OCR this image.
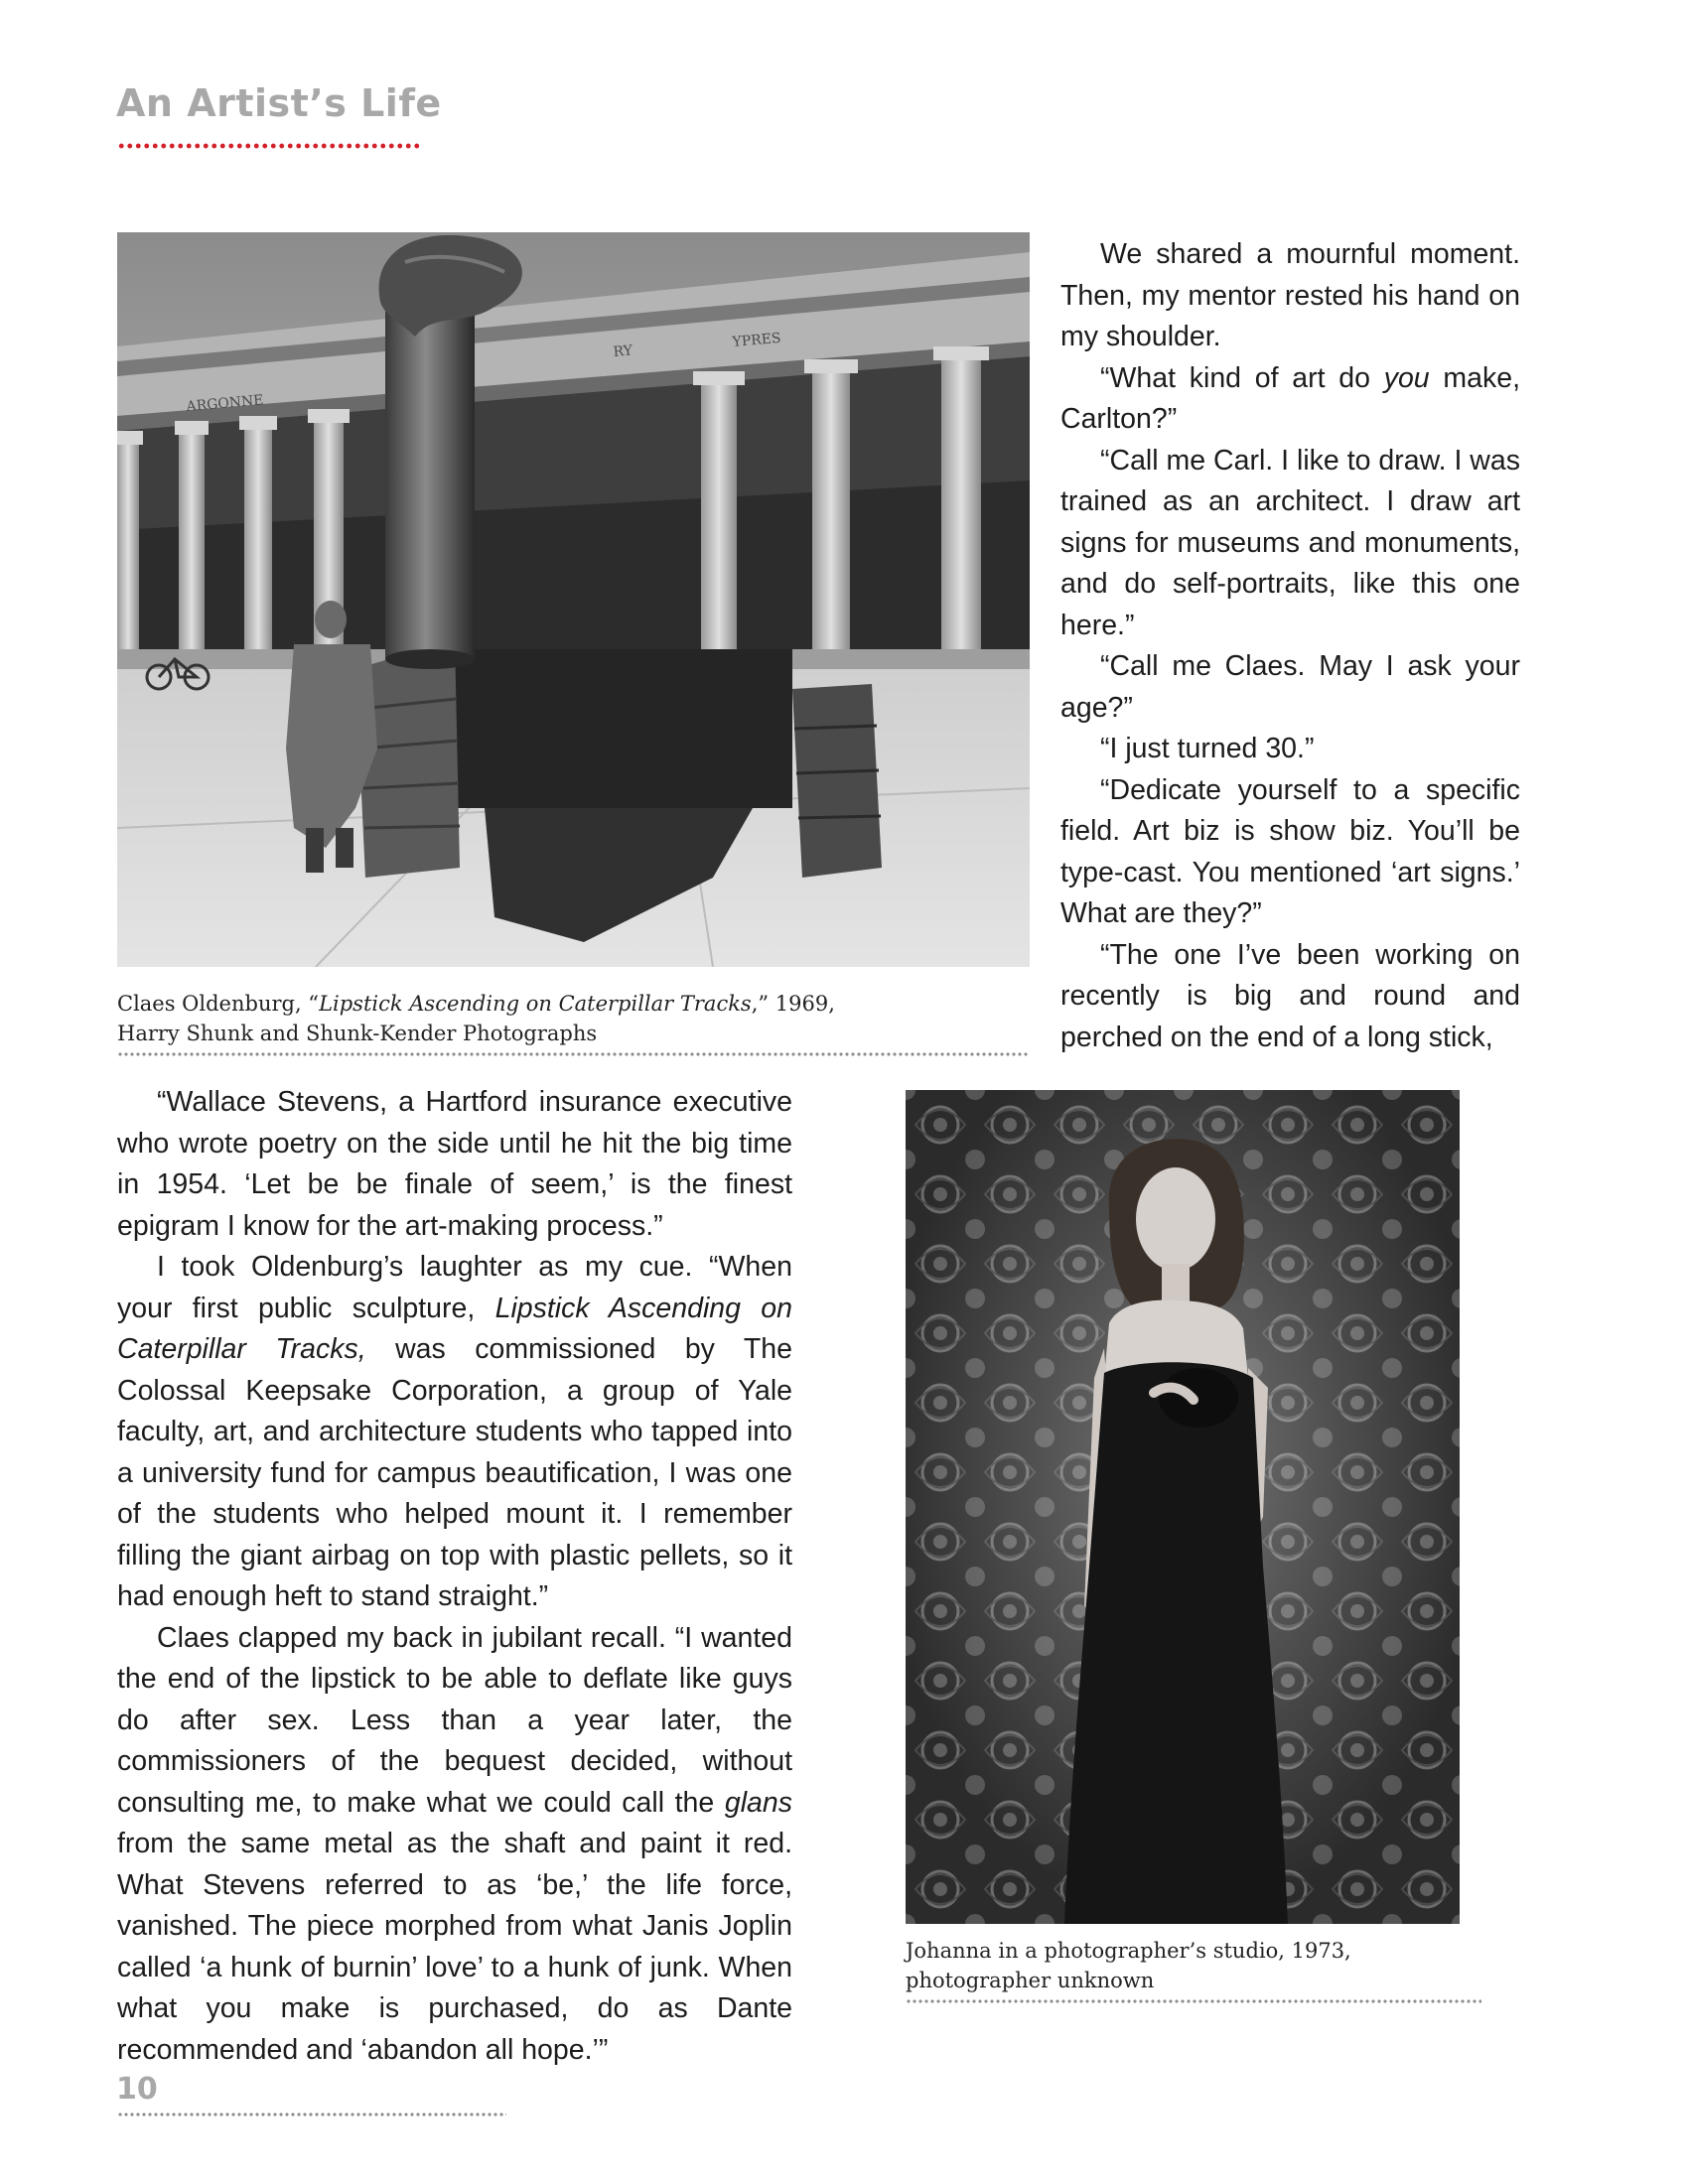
An Artist’s Life
ARGONNE
YPRES
RY
Claes Oldenburg, “Lipstick Ascending on Caterpillar Tracks,” 1969,
Harry Shunk and Shunk-Kender Photographs

We shared a mournful moment. Then, my mentor rested his hand on my shoulder.

“What kind of art do you make, Carlton?”

“Call me Carl. I like to draw. I was trained as an architect. I draw art signs for museums and monuments, and do self-portraits, like this one here.”

“Call me Claes. May I ask your age?”

“I just turned 30.”

“Dedicate yourself to a specific field. Art biz is show biz. You’ll be type-cast. You mentioned ‘art signs.’ What are they?”

“The one I’ve been working on recently is big and round and perched on the end of a long stick,

“Wallace Stevens, a Hartford insurance executive who wrote poetry on the side until he hit the big time in 1954. ‘Let be be finale of seem,’ is the finest epigram I know for the art-making process.”

I took Oldenburg’s laughter as my cue. “When your first public sculpture, Lipstick Ascending on Caterpillar Tracks, was commissioned by The Colossal Keepsake Corporation, a group of Yale faculty, art, and architecture students who tapped into a university fund for campus beautification, I was one of the students who helped mount it. I remember filling the giant airbag on top with plastic pellets, so it had enough heft to stand straight.”

Claes clapped my back in jubilant recall. “I wanted the end of the lipstick to be able to deflate like guys do after sex. Less than a year later, the commissioners of the bequest decided, without consulting me, to make what we could call the glans from the same metal as the shaft and paint it red. What Stevens referred to as ‘be,’ the life force, vanished. The piece morphed from what Janis Joplin called ‘a hunk of burnin’ love’ to a hunk of junk. When what you make is purchased, do as Dante recommended and ‘abandon all hope.’”

Johanna in a photographer’s studio, 1973,
photographer unknown
10
